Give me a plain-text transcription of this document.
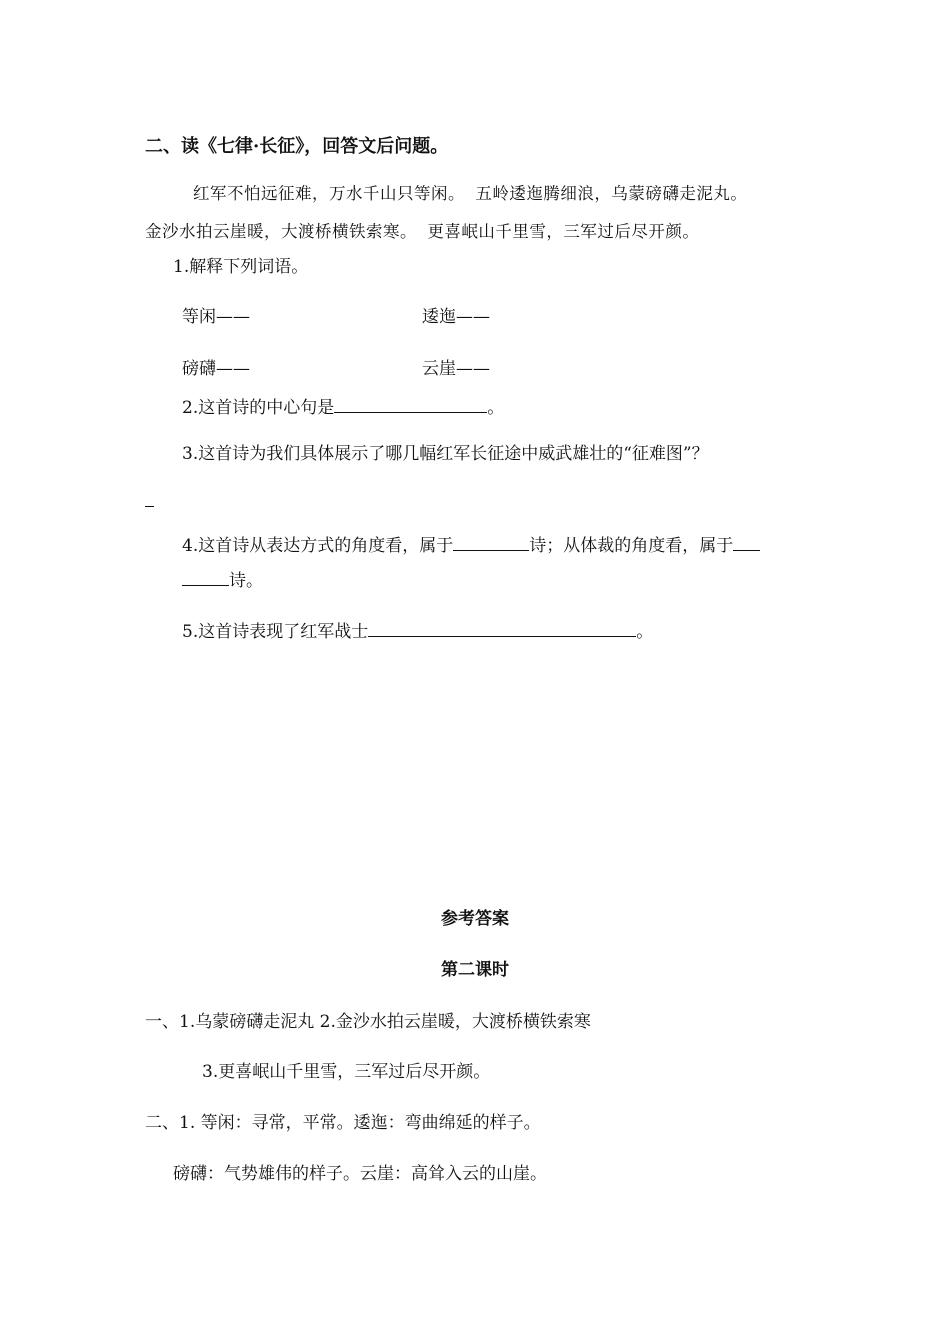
二、读《七律·长征》，回答文后问题。
红军不怕远征难，万水千山只等闲。 五岭逶迤腾细浪，乌蒙磅礴走泥丸。
金沙水拍云崖暖，大渡桥横铁索寒。 更喜岷山千里雪，三军过后尽开颜。
1.解释下列词语。
等闲——	逶迤——
磅礴——	云崖——
2.这首诗的中心句是	。
3.这首诗为我们具体展示了哪几幅红军长征途中威武雄壮的“征难图”？
4.这首诗从表达方式的角度看，属于	诗；从体裁的角度看，属于
诗。
5.这首诗表现了红军战士	。
参考答案
第二课时
一、1.乌蒙磅礴走泥丸 2.金沙水拍云崖暖，大渡桥横铁索寒
3.更喜岷山千里雪，三军过后尽开颜。
二、1. 等闲：寻常，平常。逶迤：弯曲绵延的样子。
磅礴：气势雄伟的样子。云崖：高耸入云的山崖。
